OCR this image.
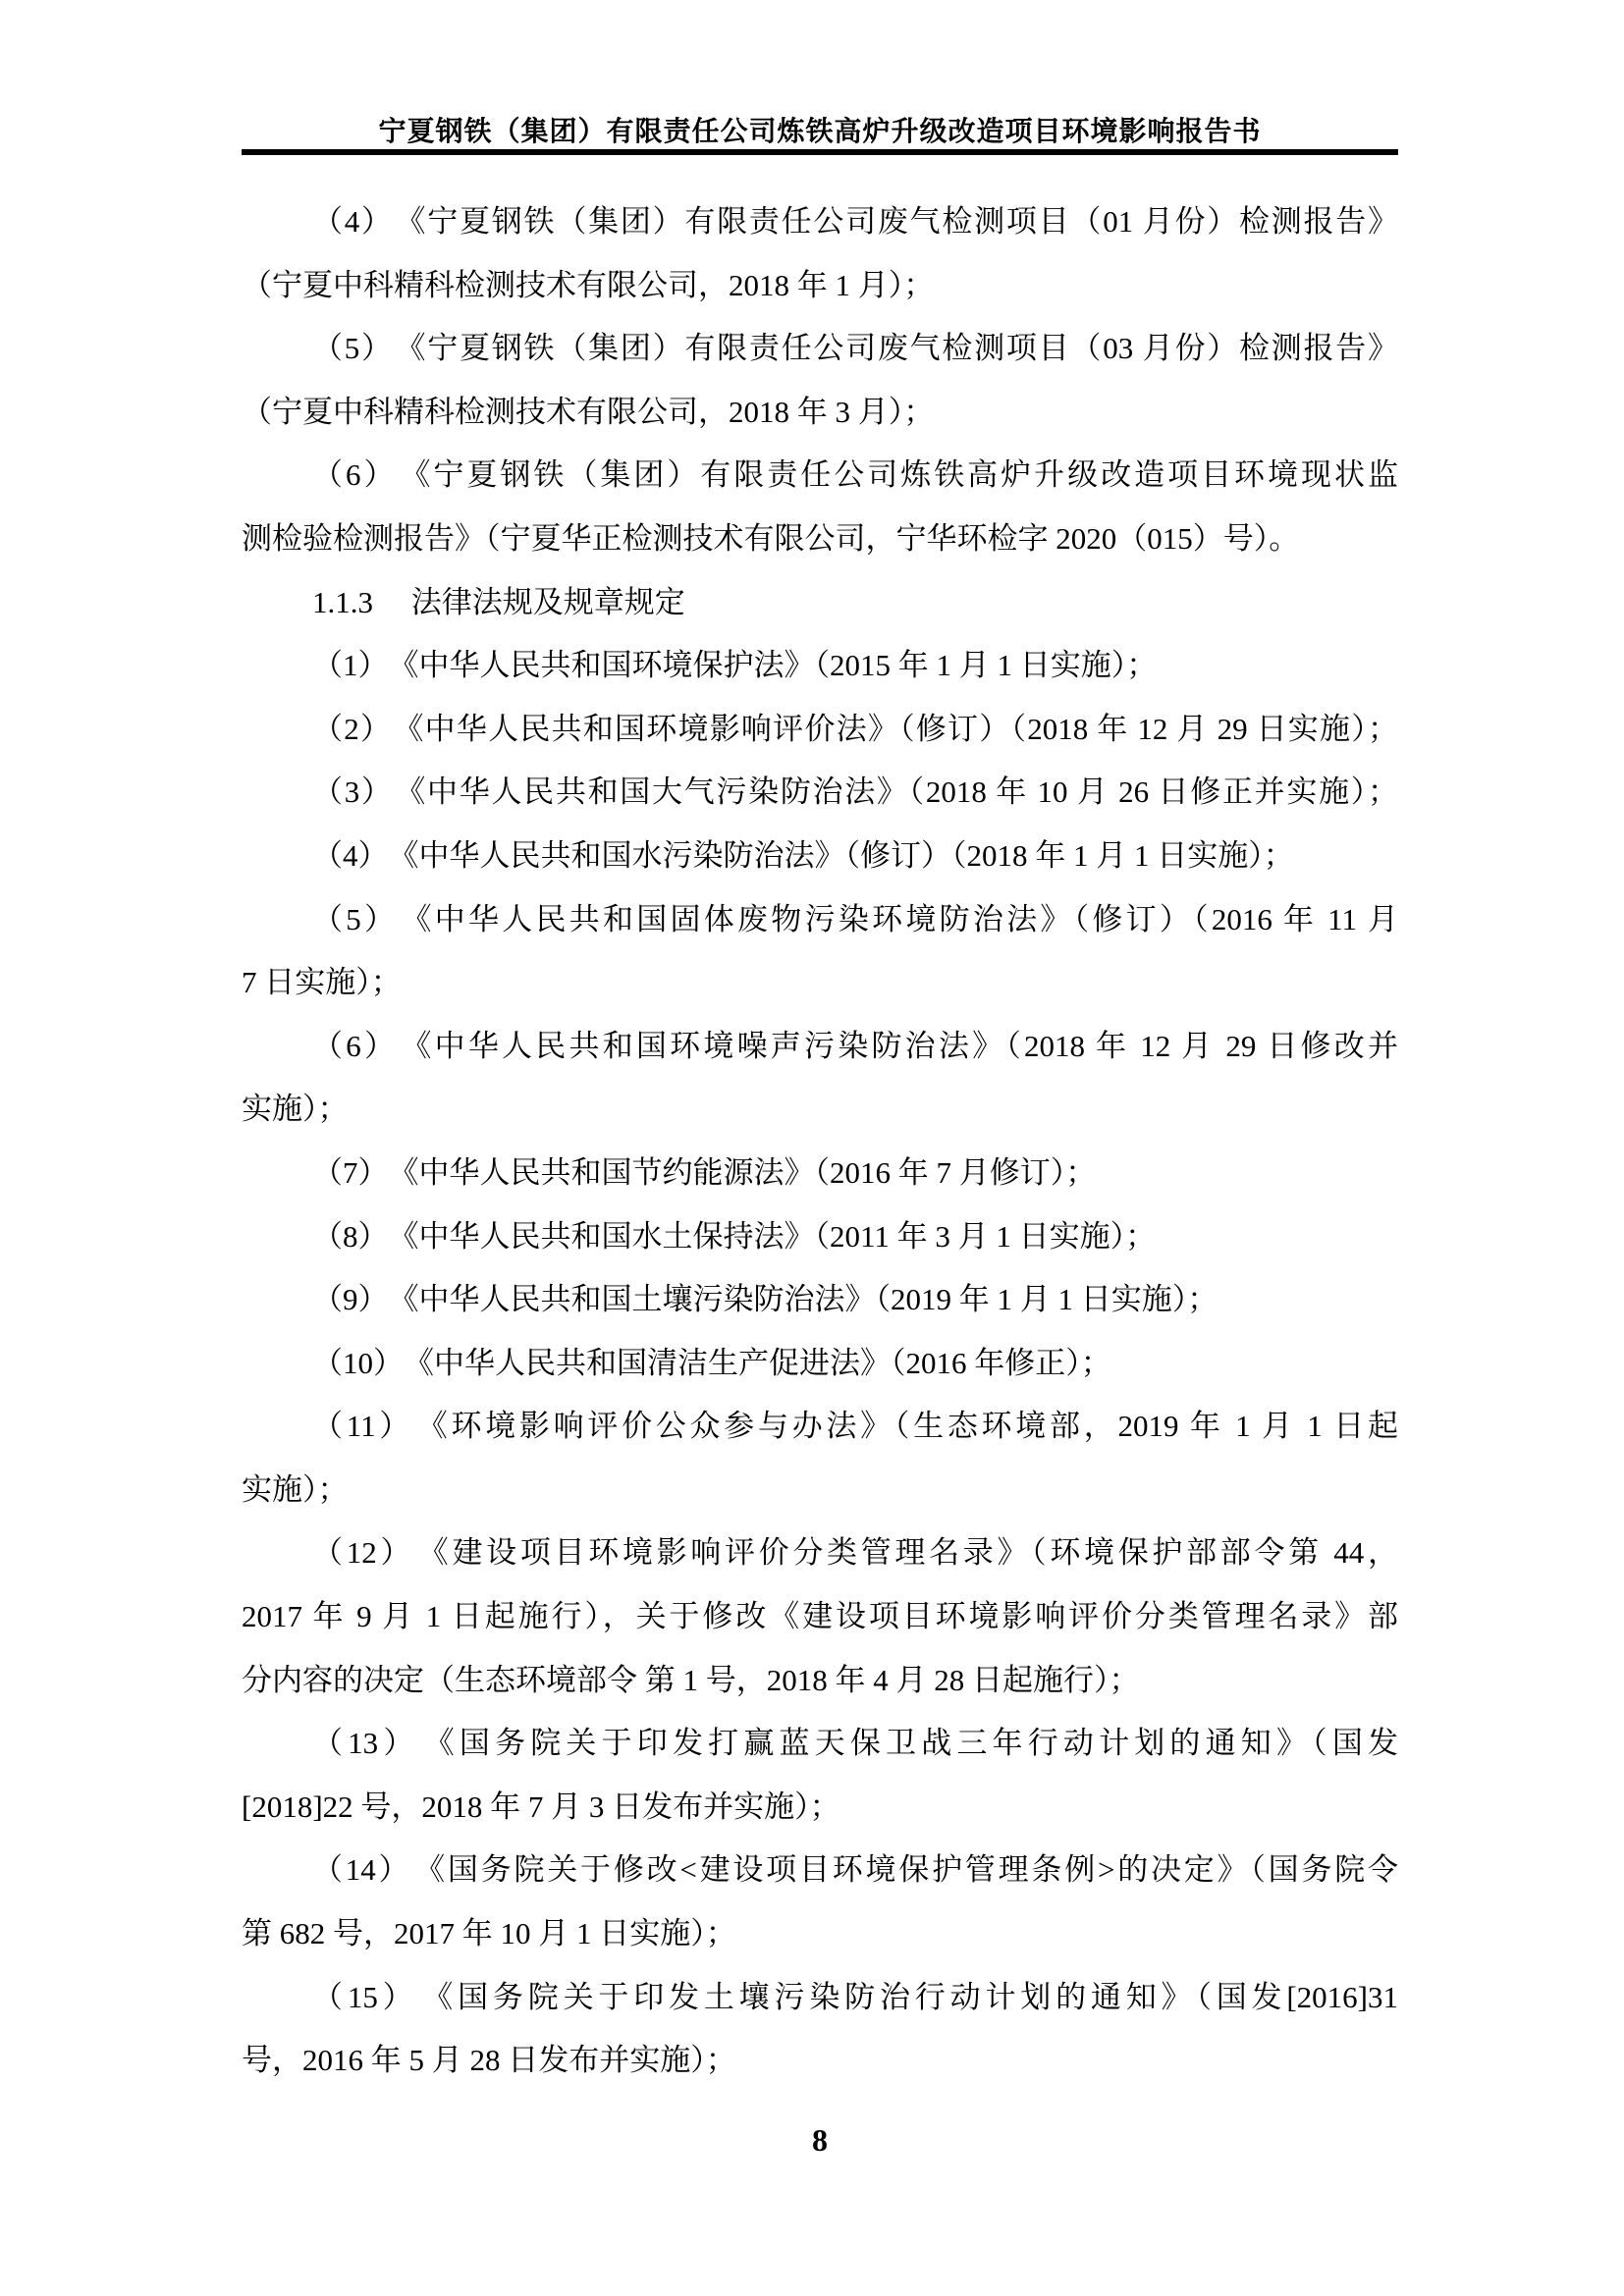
宁夏钢铁（集团）有限责任公司炼铁高炉升级改造项目环境影响报告书
（4）　《宁夏钢铁（集团）有限责任公司废气检测项目（01 月份）检测报告》
（宁夏中科精科检测技术有限公司，2018 年 1 月）；
（5）　《宁夏钢铁（集团）有限责任公司废气检测项目（03 月份）检测报告》
（宁夏中科精科检测技术有限公司，2018 年 3 月）；
（6）　《宁夏钢铁（集团）有限责任公司炼铁高炉升级改造项目环境现状监
测检验检测报告》（宁夏华正检测技术有限公司，宁华环检字 2020（015）号）。
1.1.3　 法律法规及规章规定
（1）　《中华人民共和国环境保护法》（2015 年 1 月 1 日实施）；
（2）　《中华人民共和国环境影响评价法》（修订）（2018 年 12 月 29 日实施）；
（3）　《中华人民共和国大气污染防治法》（2018 年 10 月 26 日修正并实施）；
（4）　《中华人民共和国水污染防治法》（修订）（2018 年 1 月 1 日实施）；
（5）　《中华人民共和国固体废物污染环境防治法》（修订）（2016 年 11 月
7 日实施）；
（6）　《中华人民共和国环境噪声污染防治法》（2018 年 12 月 29 日修改并
实施）；
（7）　《中华人民共和国节约能源法》（2016 年 7 月修订）；
（8）　《中华人民共和国水土保持法》（2011 年 3 月 1 日实施）；
（9）　《中华人民共和国土壤污染防治法》（2019 年 1 月 1 日实施）；
（10）　《中华人民共和国清洁生产促进法》（2016 年修正）；
（11）　《环境影响评价公众参与办法》（生态环境部，2019 年 1 月 1 日起
实施）；
（12）　《建设项目环境影响评价分类管理名录》（环境保护部部令第 44，
2017 年 9 月 1 日起施行），关于修改《建设项目环境影响评价分类管理名录》部
分内容的决定（生态环境部令 第 1 号，2018 年 4 月 28 日起施行）；
（13）　《国务院关于印发打赢蓝天保卫战三年行动计划的通知》（国发
[2018]22 号，2018 年 7 月 3 日发布并实施）；
（14）　《国务院关于修改<建设项目环境保护管理条例>的决定》（国务院令
第 682 号，2017 年 10 月 1 日实施）；
（15）　《国务院关于印发土壤污染防治行动计划的通知》（国发[2016]31
号，2016 年 5 月 28 日发布并实施）；
8
